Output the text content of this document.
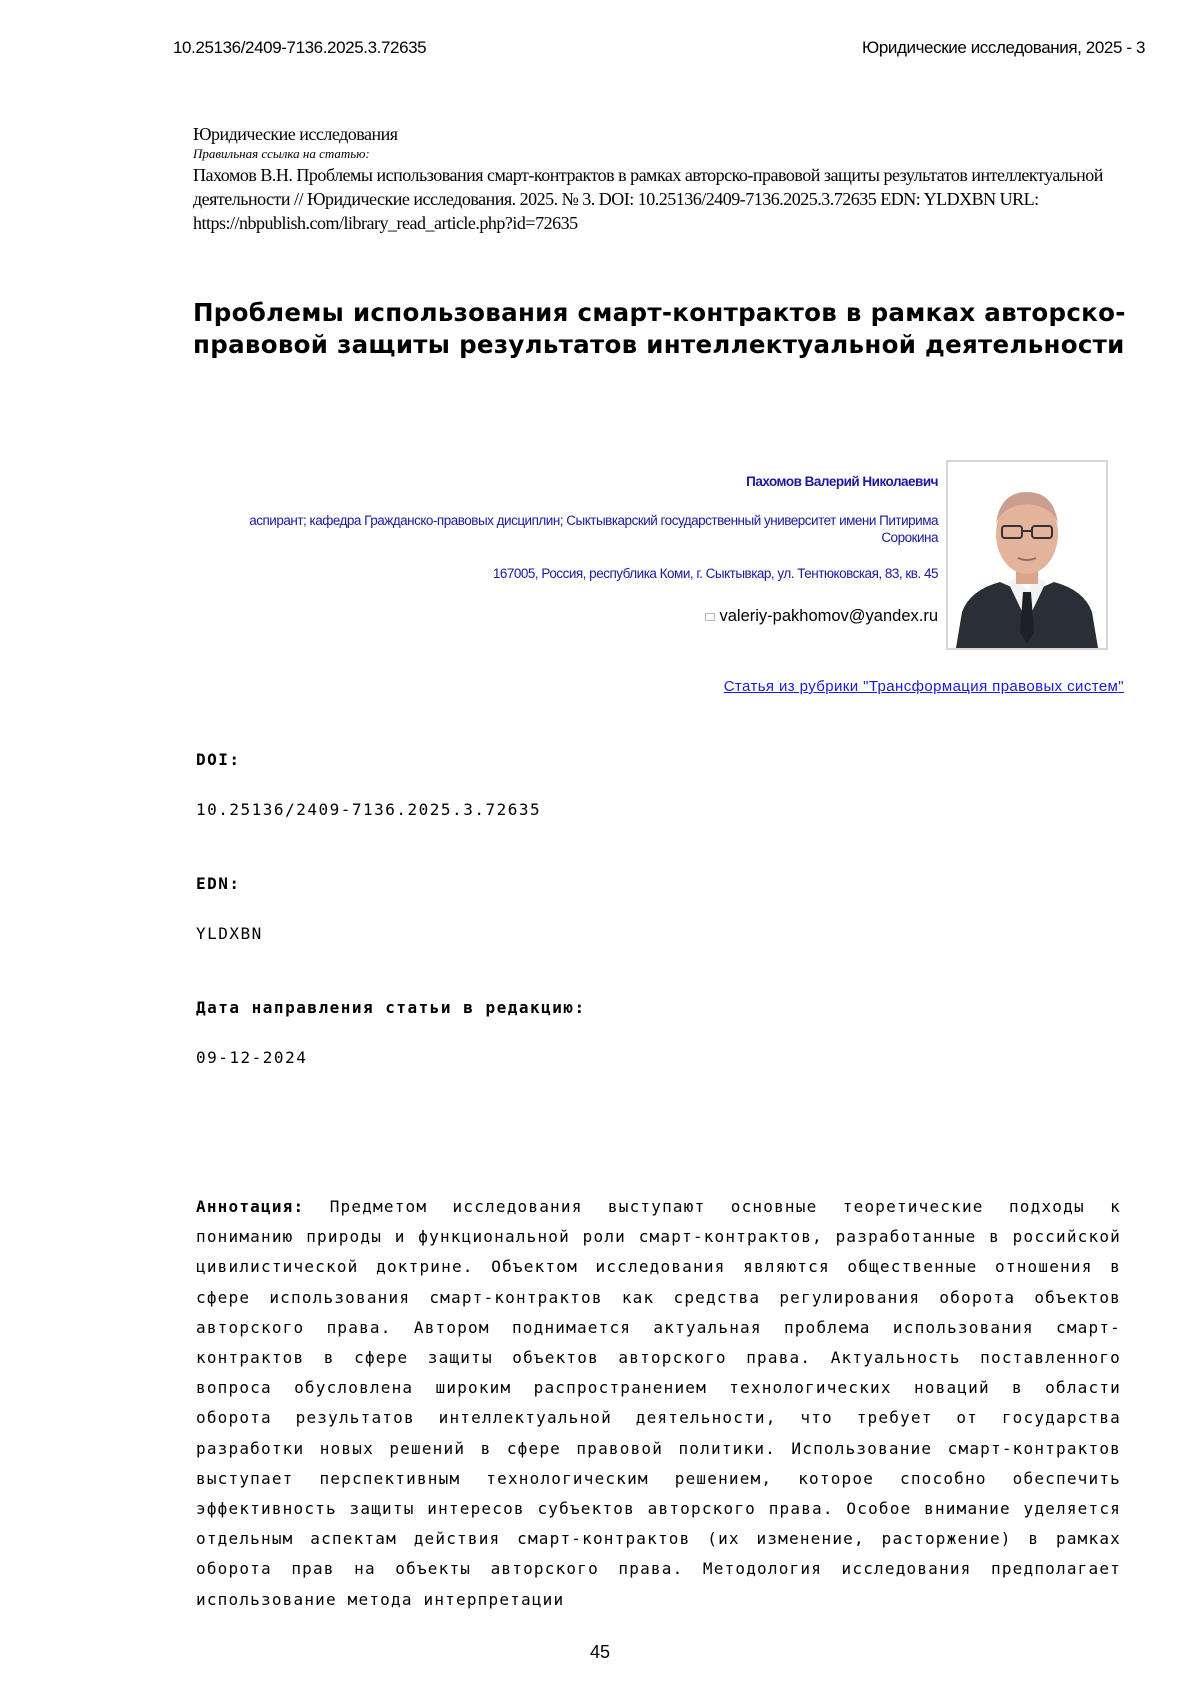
10.25136/2409-7136.2025.3.72635	Юридические исследования, 2025 - 3
Юридические исследования
Правильная ссылка на статью:
Пахомов В.Н. Проблемы использования смарт-контрактов в рамках авторско-правовой защиты результатов интеллектуальной деятельности // Юридические исследования. 2025. № 3. DOI: 10.25136/2409-7136.2025.3.72635 EDN: YLDXBN URL: https://nbpublish.com/library_read_article.php?id=72635
Проблемы использования смарт-контрактов в рамках авторско-правовой защиты результатов интеллектуальной деятельности
Пахомов Валерий Николаевич
аспирант; кафедра Гражданско-правовых дисциплин; Сыктывкарский государственный университет имени Питирима Сорокина
167005, Россия, республика Коми, г. Сыктывкар, ул. Тентюковская, 83, кв. 45
valeriy-pakhomov@yandex.ru
Статья из рубрики "Трансформация правовых систем"
DOI:
10.25136/2409-7136.2025.3.72635
EDN:
YLDXBN
Дата направления статьи в редакцию:
09-12-2024
Аннотация: Предметом исследования выступают основные теоретические подходы к пониманию природы и функциональной роли смарт-контрактов, разработанные в российской цивилистической доктрине. Объектом исследования являются общественные отношения в сфере использования смарт-контрактов как средства регулирования оборота объектов авторского права. Автором поднимается актуальная проблема использования смарт-контрактов в сфере защиты объектов авторского права. Актуальность поставленного вопроса обусловлена широким распространением технологических новаций в области оборота результатов интеллектуальной деятельности, что требует от государства разработки новых решений в сфере правовой политики. Использование смарт-контрактов выступает перспективным технологическим решением, которое способно обеспечить эффективность защиты интересов субъектов авторского права. Особое внимание уделяется отдельным аспектам действия смарт-контрактов (их изменение, расторжение) в рамках оборота прав на объекты авторского права. Методология исследования предполагает использование метода интерпретации
45
